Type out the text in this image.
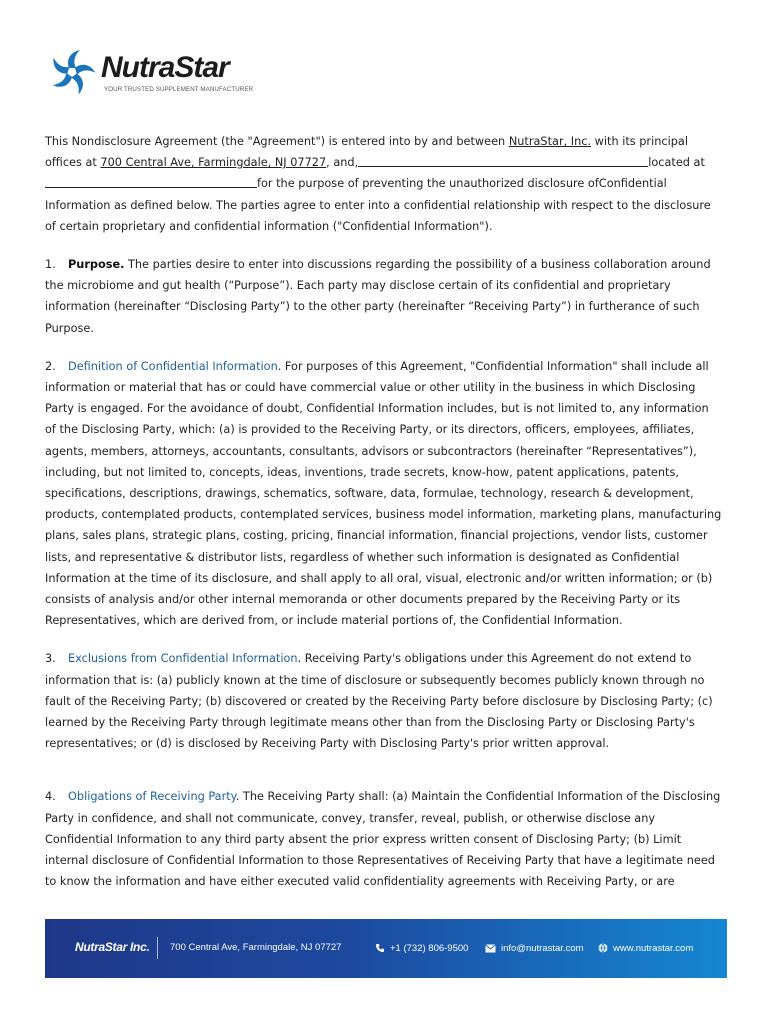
NutraStar
YOUR TRUSTED SUPPLEMENT MANUFACTURER

This Nondisclosure Agreement (the "Agreement") is entered into by and between NutraStar, Inc. with its principal offices at 700 Central Ave, Farmingdale, NJ 07727, and,	located atfor the purpose of preventing the unauthorized disclosure ofConfidential Information as defined below. The parties agree to enter into a confidential relationship with respect to the disclosure of certain proprietary and confidential information ("Confidential Information").

1. Purpose. The parties desire to enter into discussions regarding the possibility of a business collaboration around the microbiome and gut health (“Purpose”). Each party may disclose certain of its confidential and proprietary information (hereinafter “Disclosing Party”) to the other party (hereinafter “Receiving Party”) in furtherance of such Purpose.

2. Definition of Confidential Information. For purposes of this Agreement, "Confidential Information" shall include all information or material that has or could have commercial value or other utility in the business in which Disclosing Party is engaged. For the avoidance of doubt, Confidential Information includes, but is not limited to, any information of the Disclosing Party, which: (a) is provided to the Receiving Party, or its directors, officers, employees, affiliates, agents, members, attorneys, accountants, consultants, advisors or subcontractors (hereinafter “Representatives”), including, but not limited to, concepts, ideas, inventions, trade secrets, know-how, patent applications, patents, specifications, descriptions, drawings, schematics, software, data, formulae, technology, research & development, products, contemplated products, contemplated services, business model information, marketing plans, manufacturing plans, sales plans, strategic plans, costing, pricing, financial information, financial projections, vendor lists, customer lists, and representative & distributor lists, regardless of whether such information is designated as Confidential Information at the time of its disclosure, and shall apply to all oral, visual, electronic and/or written information; or (b) consists of analysis and/or other internal memoranda or other documents prepared by the Receiving Party or its Representatives, which are derived from, or include material portions of, the Confidential Information.

3. Exclusions from Confidential Information. Receiving Party's obligations under this Agreement do not extend to information that is: (a) publicly known at the time of disclosure or subsequently becomes publicly known through no fault of the Receiving Party; (b) discovered or created by the Receiving Party before disclosure by Disclosing Party; (c) learned by the Receiving Party through legitimate means other than from the Disclosing Party or Disclosing Party's representatives; or (d) is disclosed by Receiving Party with Disclosing Party's prior written approval.

4. Obligations of Receiving Party. The Receiving Party shall: (a) Maintain the Confidential Information of the Disclosing Party in confidence, and shall not communicate, convey, transfer, reveal, publish, or otherwise disclose any Confidential Information to any third party absent the prior express written consent of Disclosing Party; (b) Limit internal disclosure of Confidential Information to those Representatives of Receiving Party that have a legitimate need to know the information and have either executed valid confidentiality agreements with Receiving Party, or are

NutraStar Inc. 700 Central Ave, Farmingdale, NJ 07727	+1 (732) 806-9500	info@nutrastar.com	www.nutrastar.com
